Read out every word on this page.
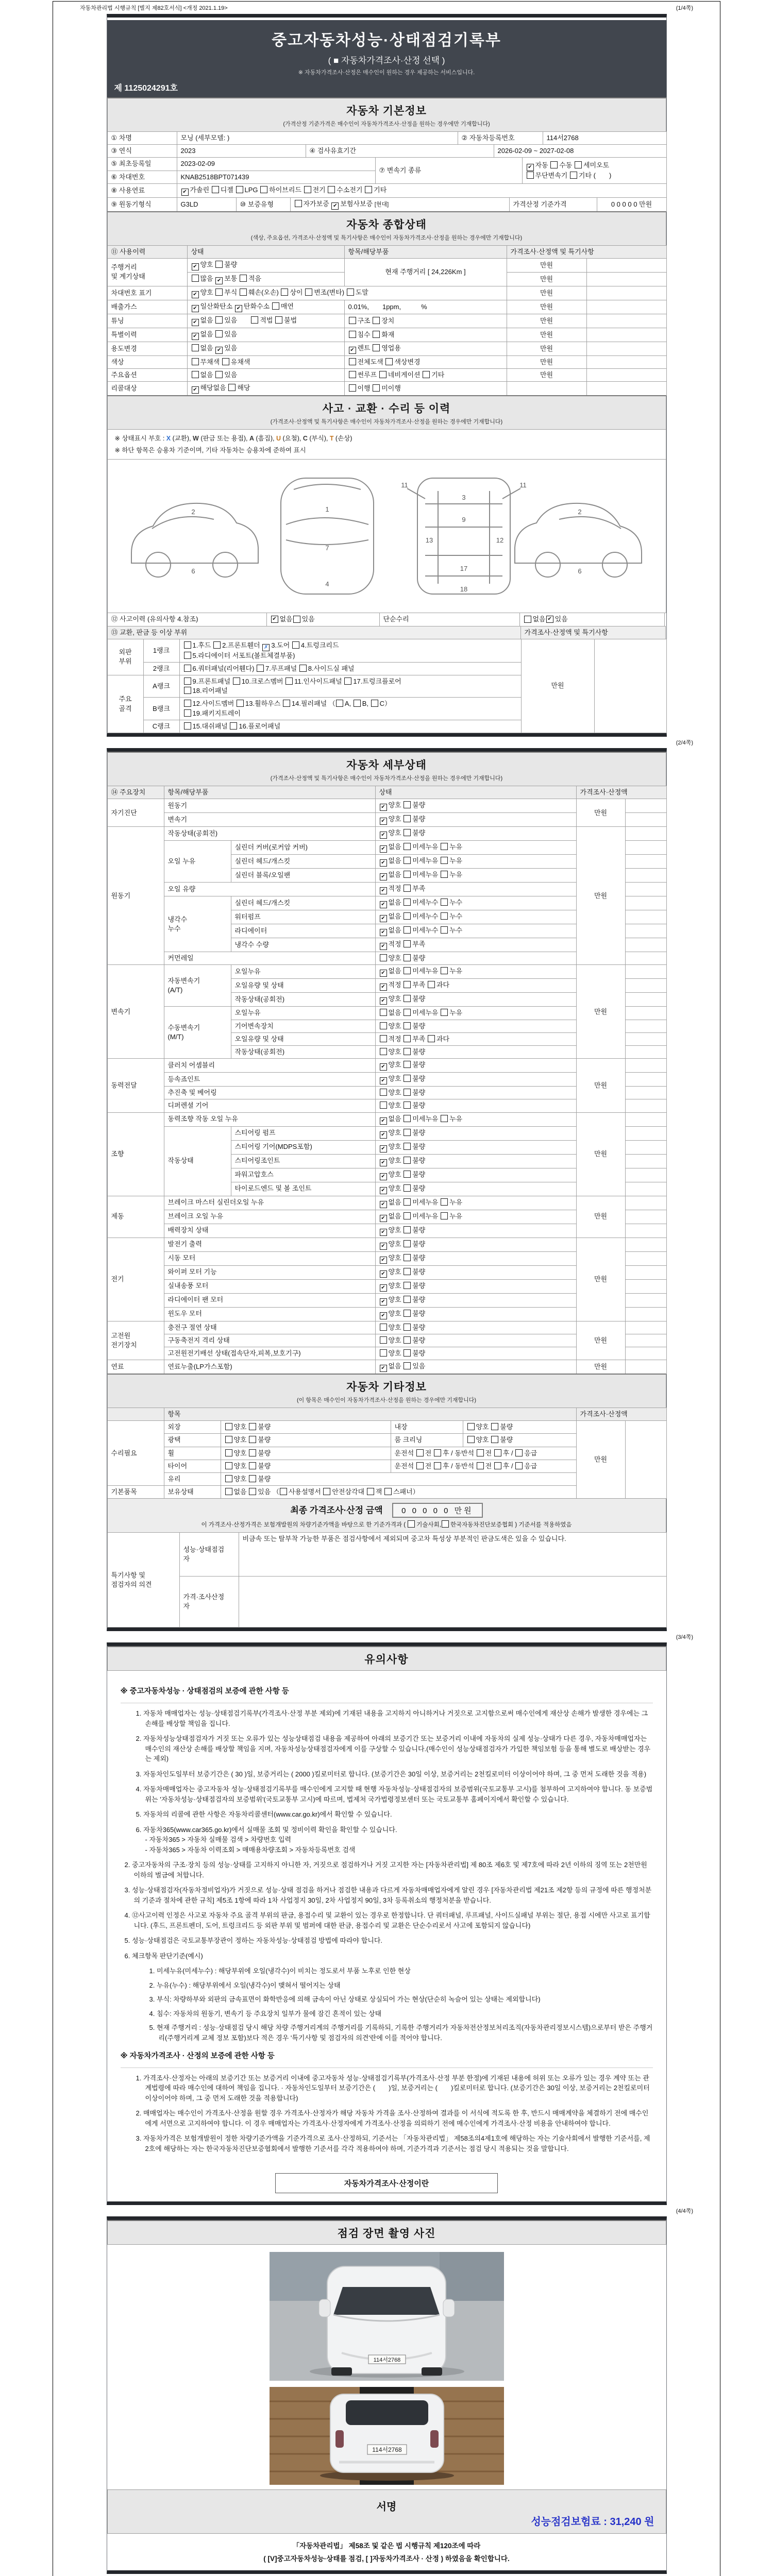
자동차관리법 시행규칙 [별지 제82호서식] <개정 2021.1.19>	(1/4쪽)
중고자동차성능·상태점검기록부
( ■ 자동차가격조사·산정 선택 )
※ 자동차가격조사·산정은 매수인이 원하는 경우 제공하는 서비스입니다.
제 1125024291호
자동차 기본정보
(가격산정 기준가격은 매수인이 자동차가격조사·산정을 원하는 경우에만 기재합니다)
① 차명	모닝 (세부모델: )	② 자동차등록번호	114서2768
③ 연식	2023	④ 검사유효기간	2026-02-09 ~ 2027-02-08
⑤ 최초등록일	2023-02-09	⑦ 변속기 종류	✔ 자동 수동 세미오토
무단변속기 기타 (　　)
⑥ 차대번호	KNAB2518BPT071439		
⑧ 사용연료	✔ 가솔린 디젤 LPG 하이브리드 전기 수소전기 기타
⑨ 원동기형식	G3LD	⑩ 보증유형	자가보증 ✔ 보험사보증 [현대]	가격산정 기준가격	0 0 0 0 0 만원
자동차 종합상태
(색상, 주요옵션, 가격조사·산정액 및 특기사항은 매수인이 자동차가격조사·산정을 원하는 경우에만 기재합니다)
⑪ 사용이력	상태	항목/해당부품	가격조사·산정액 및 특기사항	
주행거리
및 계기상태	✔ 양호 불량	현재 주행거리 [ 24,226Km ]	만원	
	많음 ✔ 보통 적음		만원	
차대번호 표기	✔ 양호 부식 훼손(오손) 상이 변조(변타) 도말		만원	
배출가스	✔ 일산화탄소 ✔ 탄화수소 매연	0.01%,　　1ppm,　　　%	만원	
튜닝	✔ 없음 있음　　적법 불법	구조 장치	만원	
특별이력	✔ 없음 있음	침수 화재	만원	
용도변경	없음 ✔ 있음	✔ 렌트 영업용	만원	
색상	무채색 유채색	전체도색 색상변경	만원	
주요옵션	없음 있음	썬루프 네비게이션 기타	만원	
리콜대상	✔ 해당없음 해당	이행 미이행		
사고 · 교환 · 수리 등 이력
(가격조사·산정액 및 특기사항은 매수인이 자동차가격조사·산정을 원하는 경우에만 기재합니다)
※ 상태표시 부호 : X (교환), W (판금 또는 용접), A (흠집), U (요철), C (부식), T (손상)
※ 하단 항목은 승용차 기준이며, 기타 자동차는 승용차에 준하여 표시
2
6
1
7
4
11	11
3
9
13	12
17
18
2
6
⑫ 사고이력 (유의사항 4.참조)	✔ 없음
있음	단순수리	없음 ✔ 있음
⑬ 교환, 판금 등 이상 부위	가격조사·산정액 및 특기사항
외판
부위	1랭크	1.후드 2.프론트휀더 ✗ 3.도어 4.트렁크리드
5.라디에이터 서포트(볼트체결부품)	만원	
	2랭크	6.쿼터패널(리어휀다) 7.루프패널 8.사이드실 패널		
주요
골격	A랭크	9.프론트패널 10.크로스멤버 11.인사이드패널 17.트렁크플로어
18.리어패널		
	B랭크	12.사이드멤버 13.휠하우스 14.필러패널 （ A, B, C）
19.패키지트레이		
	C랭크	15.대쉬패널 16.플로어패널		
(2/4쪽)
자동차 세부상태
(가격조사·산정액 및 특기사항은 매수인이 자동차가격조사·산정을 원하는 경우에만 기재합니다)
⑭ 주요장치	항목/해당부품		상태	가격조사·산정액	
자기진단	원동기		✔ 양호 불량	만원	
	변속기		✔ 양호 불량		
원동기	작동상태(공회전)		✔ 양호 불량	만원	
	오일 누유	실린더 커버(로커암 커버)	✔ 없음 미세누유 누유		
		실린더 헤드/개스킷	✔ 없음 미세누유 누유		
		실린더 블록/오일팬	✔ 없음 미세누유 누유		
	오일 유량		✔ 적정 부족		
	냉각수
누수	실린더 헤드/개스킷	✔ 없음 미세누수 누수		
		워터펌프	✔ 없음 미세누수 누수		
		라디에이터	✔ 없음 미세누수 누수		
		냉각수 수량	✔ 적정 부족		
	커먼레일		양호 불량		
변속기	자동변속기
(A/T)	오일누유	✔ 없음 미세누유 누유	만원	
		오일유량 및 상태	✔ 적정 부족 과다		
		작동상태(공회전)	✔ 양호 불량		
	수동변속기
(M/T)	오일누유	없음 미세누유 누유		
		기어변속장치	양호 불량		
		오일유량 및 상태	적정 부족 과다		
		작동상태(공회전)	양호 불량		
동력전달	클러치 어셈블리		✔ 양호 불량	만원	
	등속죠인트		✔ 양호 불량		
	추진축 및 베어링		양호 불량		
	디퍼렌셜 기어		양호 불량		
조향	동력조향 작동 오일 누유		✔ 없음 미세누유 누유	만원	
	작동상태	스티어링 펌프	✔ 양호 불량		
		스티어링 기어(MDPS포함)	✔ 양호 불량		
		스티어링조인트	✔ 양호 불량		
		파워고압호스	✔ 양호 불량		
		타이로드엔드 및 볼 조인트	✔ 양호 불량		
제동	브레이크 마스터 실린더오일 누유		✔ 없음 미세누유 누유	만원	
	브레이크 오일 누유		✔ 없음 미세누유 누유		
	배력장치 상태		✔ 양호 불량		
전기	발전기 출력		✔ 양호 불량	만원	
	시동 모터		✔ 양호 불량		
	와이퍼 모터 기능		✔ 양호 불량		
	실내송풍 모터		✔ 양호 불량		
	라디에이터 팬 모터		✔ 양호 불량		
	윈도우 모터		✔ 양호 불량		
고전원
전기장치	충전구 절연 상태		양호 불량	만원	
	구동축전지 격리 상태		양호 불량		
	고전원전기배선 상태(접속단자,피복,보호기구)		양호 불량		
연료	연료누출(LP가스포함)		✔ 없음 있음	만원	
자동차 기타정보
(이 항목은 매수인이 자동차가격조사·산정을 원하는 경우에만 기재합니다)
	항목				가격조사·산정액	
수리필요	외장	양호 불량	내장	양호 불량	만원	
	광택	양호 불량	룸 크리닝	양호 불량		
	휠	양호 불량	운전석 전 후 / 동반석 전 후 / 응급			
	타이어	양호 불량	운전석 전 후 / 동반석 전 후 / 응급			
	유리	양호 불량				
기본품목	보유상태	없음 있음 （ 사용설명서 안전삼각대 잭 스패너）				
최종 가격조사·산정 금액 0 0 0 0 0 만원
이 가격조사·산정가격은 보험개발원의 차량기준가액을 바탕으로 한 기준가격과 ( 기술사회, 한국자동차진단보증협회 ) 기준서를 적용하였음
특기사항 및
점검자의 의견	성능·상태점검
자	비금속 또는 탈부착 가능한 부품은 점검사항에서 제외되며 중고차 특성상 부분적인 판금도색은 있을 수 있습니다.
	가격·조사산정
자	
(3/4쪽)
유의사항
※ 중고자동차성능 · 상태점검의 보증에 관한 사항 등
1. 자동차 매매업자는 성능·상태점검기록부(가격조사·산정 부분 제외)에 기재된 내용을 고지하지 아니하거나 거짓으로 고지함으로써 매수인에게 재산상 손해가 발생한 경우에는 그 손해를 배상할 책임을 집니다.
2. 자동차성능상태점검자가 거짓 또는 오류가 있는 성능상태점검 내용을 제공하여 아래의 보증기간 또는 보증거리 이내에 자동차의 실제 성능·상태가 다른 경우, 자동차매매업자는 매수인의 재산상 손해를 배상할 책임을 지며, 자동차성능상태점검자에게 이를 구상할 수 있습니다.(매수인이 성능상태점검자가 가입한 책임보험 등을 통해 별도로 배상받는 경우는 제외)
3. 자동차인도일부터 보증기간은 ( 30 )일, 보증거리는 ( 2000 )킬로미터로 합니다. (보증기간은 30일 이상, 보증거리는 2천킬로미터 이상이어야 하며, 그 중 먼저 도래한 것을 적용)
4. 자동차매매업자는 중고자동차 성능·상태점검기록부를 매수인에게 고지할 때 현행 자동차성능·상태점검자의 보증범위(국토교통부 고시)를 첨부하여 고지하여야 합니다. 동 보증범위는 '자동차성능·상태점검자의 보증범위'(국토교통부 고시)에 따르며, 법제처 국가법령정보센터 또는 국토교통부 홈페이지에서 확인할 수 있습니다.
5. 자동차의 리콜에 관한 사항은 자동차리콜센터(www.car.go.kr)에서 확인할 수 있습니다.
6. 자동차365(www.car365.go.kr)에서 실매물 조회 및 정비이력 확인을 확인할 수 있습니다.
- 자동차365 > 자동차 실매물 검색 > 차량번호 입력
- 자동차365 > 자동차 이력조회 > 매매용차량조회 > 자동차등록번호 검색
2. 중고자동차의 구조·장치 등의 성능·상태를 고지하지 아니한 자, 거짓으로 점검하거나 거짓 고지한 자는 [자동차관리법] 제 80조 제6호 및 제7호에 따라 2년 이하의 징역 또는 2천만원 이하의 벌금에 처합니다.
3. 성능·상태점검자(자동차정비업자)가 거짓으로 성능·상태 점검을 하거나 점검한 내용과 다르게 자동차매매업자에게 알린 경우 [자동차관리법 제21조 제2항 등의 규정에 따른 행정처분의 기준과 절차에 관한 규칙] 제5조 1항에 따라 1차 사업정지 30일, 2차 사업정지 90일, 3차 등록취소의 행정처분을 받습니다.
4. ⑫사고이력 인정은 사고로 자동차 주요 골격 부위의 판금, 용접수리 및 교환이 있는 경우로 한정합니다. 단 쿼터패널, 루프패널, 사이드실패널 부위는 절단, 용접 시에만 사고로 표기합니다. (후드, 프론트펜더, 도어, 트렁크리드 등 외판 부위 및 범퍼에 대한 판금, 용접수리 및 교환은 단순수리로서 사고에 포함되지 않습니다)
5. 성능·상태점검은 국토교통부장관이 정하는 자동차성능·상태점검 방법에 따라야 합니다.
6. 체크항목 판단기준(예시)
1. 미세누유(미세누수) : 해당부위에 오일(냉각수)이 비치는 정도로서 부품 노후로 인한 현상
2. 누유(누수) : 해당부위에서 오일(냉각수)이 맺혀서 떨어지는 상태
3. 부식: 차량하부와 외판의 금속표면이 화학반응에 의해 금속이 아닌 상태로 상실되어 가는 현상(단순히 녹슬어 있는 상태는 제외합니다)
4. 침수: 자동차의 원동기, 변속기 등 주요장치 일부가 물에 잠긴 흔적이 있는 상태
5. 현재 주행거리 : 성능·상태점검 당시 해당 차량 주행거리계의 주행거리를 기록하되, 기록한 주행거리가 자동차전산정보처리조직(자동차관리정보시스템)으로부터 받은 주행거리(주행거리계 교체 정보 포함)보다 적은 경우 '특기사항 및 점검자의 의견'란에 이를 적어야 합니다.
※ 자동차가격조사 · 산정의 보증에 관한 사항 등
1. 가격조사·산정자는 아래의 보증기간 또는 보증거리 이내에 중고자동차 성능·상태점검기록부(가격조사·산정 부분 한정)에 기재된 내용에 허위 또는 오류가 있는 경우 계약 또는 관계법령에 따라 매수인에 대하여 책임을 집니다. · 자동차인도일부터 보증기간은 (　　)일, 보증거리는 (　　)킬로미터로 합니다. (보증기간은 30일 이상, 보증거리는 2천킬로미터 이상이어야 하며, 그 중 먼저 도래한 것을 적용합니다)
2. 매매업자는 매수인이 가격조사·산정을 원할 경우 가격조사·산정자가 해당 자동차 가격을 조사·산정하여 결과를 이 서식에 적도록 한 후, 반드시 매매계약을 체결하기 전에 매수인에게 서면으로 고지하여야 합니다. 이 경우 매매업자는 가격조사·산정자에게 가격조사·산정을 의뢰하기 전에 매수인에게 가격조사·산정 비용을 안내하여야 합니다.
3. 자동차가격은 보험개발원이 정한 차량기준가액을 기준가격으로 조사·산정하되, 기준서는 「자동차관리법」 제58조의4제1호에 해당하는 자는 기술사회에서 발행한 기준서를, 제2호에 해당하는 자는 한국자동차진단보증협회에서 발행한 기준서를 각각 적용하여야 하며, 기준가격과 기준서는 점검 당시 적용되는 것을 말합니다.
자동차가격조사·산정이란
(4/4쪽)
점검 장면 촬영 사진
114서2768
114서2768
서명
성능점검보험료 : 31,240 원
「자동차관리법」 제58조 및 같은 법 시행규칙 제120조에 따라
( [V]중고자동차성능·상태를 점검, [ ]자동차가격조사 · 산정 ) 하였음을 확인합니다.
